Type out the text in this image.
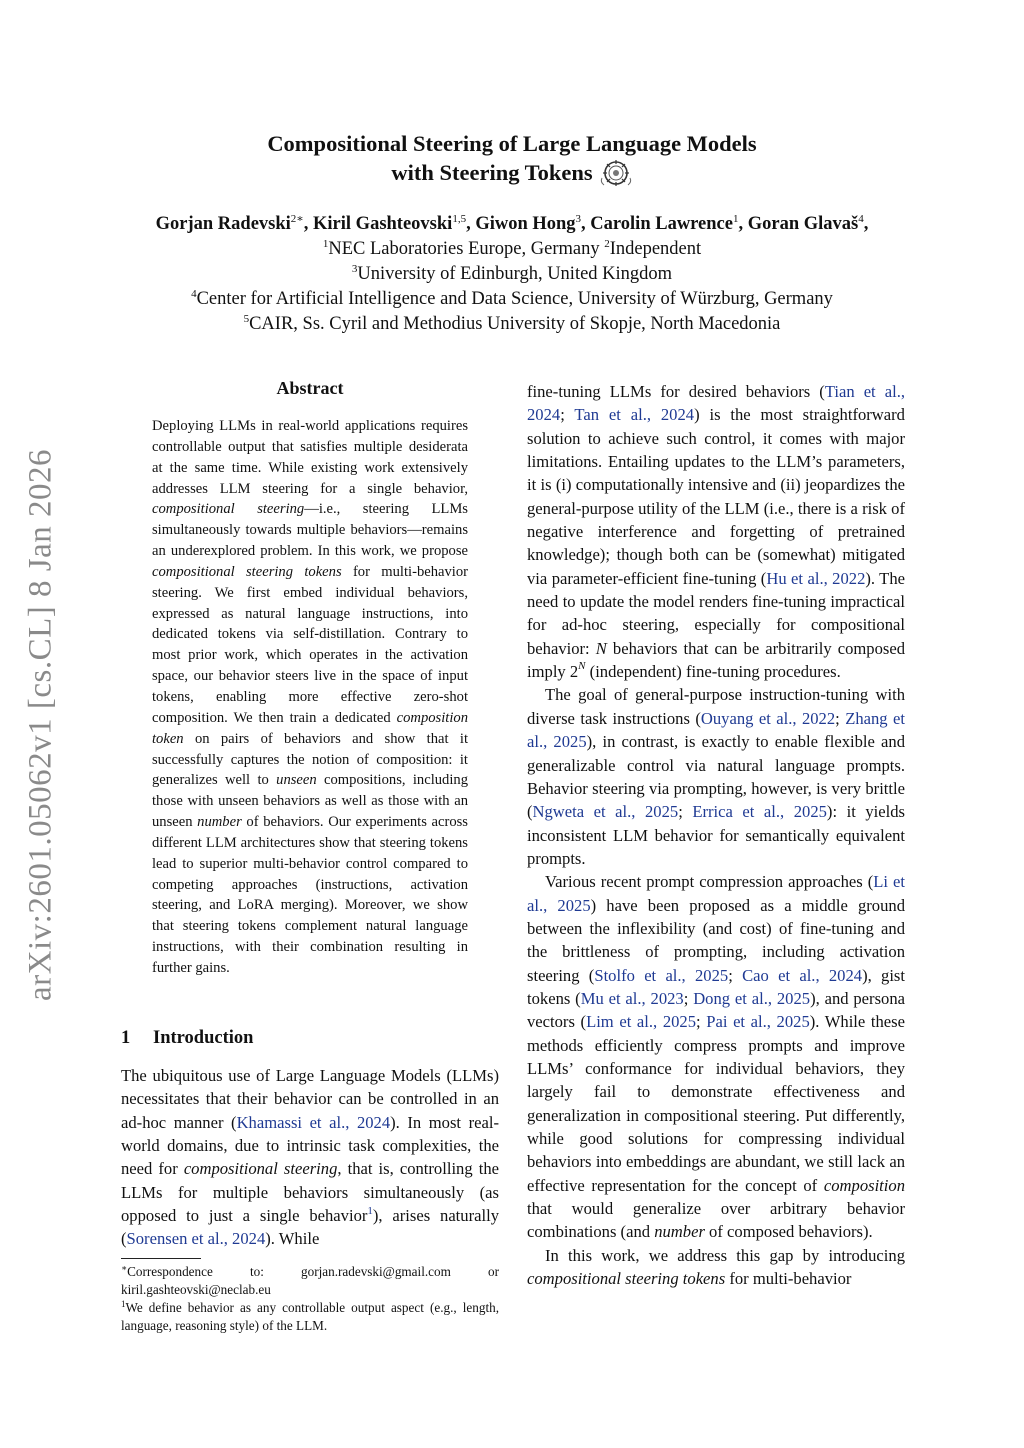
arXiv:2601.05062v1 [cs.CL] 8 Jan 2026
Compositional Steering of Large Language Models
with Steering Tokens
Gorjan Radevski$^{2∗}$, Kiril Gashteovski$^{1,5}$, Giwon Hong$^3$, Carolin Lawrence$^1$, Goran Glavaš$^4$,
$^1$NEC Laboratories Europe, Germany $^2$Independent
$^3$University of Edinburgh, United Kingdom
$^4$Center for Artificial Intelligence and Data Science, University of Würzburg, Germany
$^5$CAIR, Ss. Cyril and Methodius University of Skopje, North Macedonia
Abstract
Deploying LLMs in real-world applications requires controllable output that satisfies multiple desiderata at the same time. While existing work extensively addresses LLM steering for a single behavior, compositional steering—i.e., steering LLMs simultaneously towards multiple behaviors—remains an underexplored problem. In this work, we propose compositional steering tokens for multi-behavior steering. We first embed individual behaviors, expressed as natural language instructions, into dedicated tokens via self-distillation. Contrary to most prior work, which operates in the activation space, our behavior steers live in the space of input tokens, enabling more effective zero-shot composition. We then train a dedicated composition token on pairs of behaviors and show that it successfully captures the notion of composition: it generalizes well to unseen compositions, including those with unseen behaviors as well as those with an unseen number of behaviors. Our experiments across different LLM architectures show that steering tokens lead to superior multi-behavior control compared to competing approaches (instructions, activation steering, and LoRA merging). Moreover, we show that steering tokens complement natural language instructions, with their combination resulting in further gains.
1 Introduction
The ubiquitous use of Large Language Models (LLMs) necessitates that their behavior can be controlled in an ad-hoc manner (Khamassi et al., 2024). In most real-world domains, due to intrinsic task complexities, the need for compositional steering, that is, controlling the LLMs for multiple behaviors simultaneously (as opposed to just a single behavior$^1$), arises naturally (Sorensen et al., 2024). While
∗Correspondence to: gorjan.radevski@gmail.com or kiril.gashteovski@neclab.eu
$^1$We define behavior as any controllable output aspect (e.g., length, language, reasoning style) of the LLM.

fine-tuning LLMs for desired behaviors (Tian et al., 2024; Tan et al., 2024) is the most straightforward solution to achieve such control, it comes with major limitations. Entailing updates to the LLM’s parameters, it is (i) computationally intensive and (ii) jeopardizes the general-purpose utility of the LLM (i.e., there is a risk of negative interference and forgetting of pretrained knowledge); though both can be (somewhat) mitigated via parameter-efficient fine-tuning (Hu et al., 2022). The need to update the model renders fine-tuning impractical for ad-hoc steering, especially for compositional behavior: N behaviors that can be arbitrarily composed imply $2^N$ (independent) fine-tuning procedures.

The goal of general-purpose instruction-tuning with diverse task instructions (Ouyang et al., 2022; Zhang et al., 2025), in contrast, is exactly to enable flexible and generalizable control via natural language prompts. Behavior steering via prompting, however, is very brittle (Ngweta et al., 2025; Errica et al., 2025): it yields inconsistent LLM behavior for semantically equivalent prompts.

Various recent prompt compression approaches (Li et al., 2025) have been proposed as a middle ground between the inflexibility (and cost) of fine-tuning and the brittleness of prompting, including activation steering (Stolfo et al., 2025; Cao et al., 2024), gist tokens (Mu et al., 2023; Dong et al., 2025), and persona vectors (Lim et al., 2025; Pai et al., 2025). While these methods efficiently compress prompts and improve LLMs’ conformance for individual behaviors, they largely fail to demonstrate effectiveness and generalization in compositional steering. Put differently, while good solutions for compressing individual behaviors into embeddings are abundant, we still lack an effective representation for the concept of composition that would generalize over arbitrary behavior combinations (and number of composed behaviors).

In this work, we address this gap by introducing compositional steering tokens for multi-behavior
